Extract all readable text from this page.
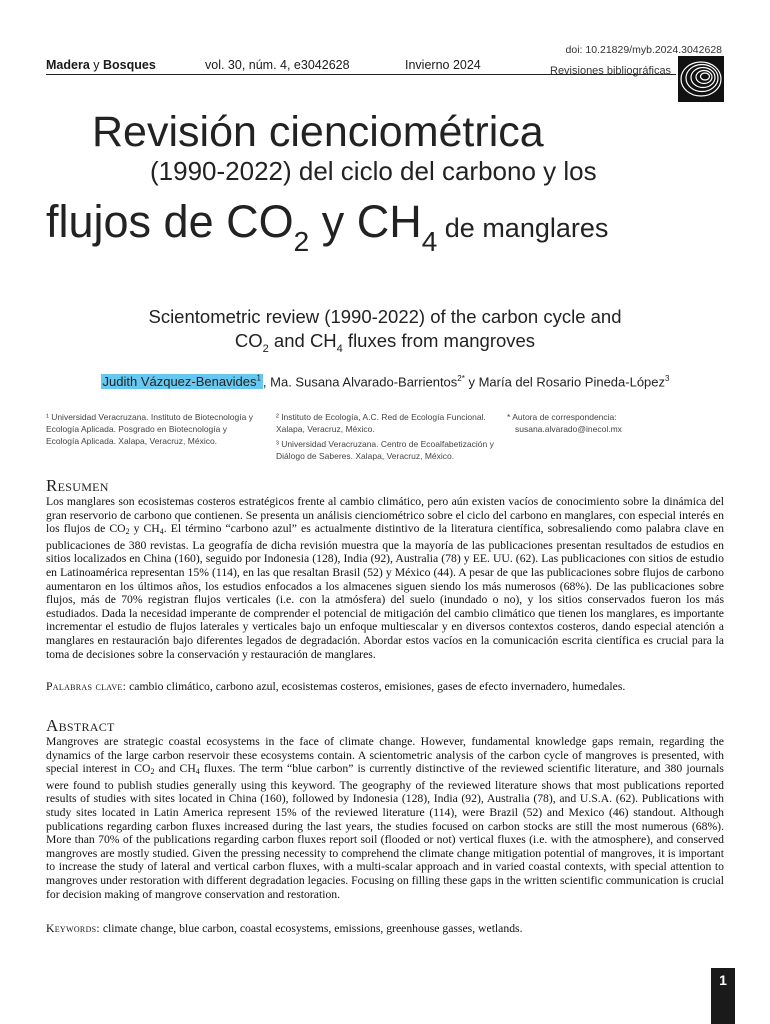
doi: 10.21829/myb.2024.3042628
Madera y Bosques	vol. 30, núm. 4, e3042628	Invierno 2024	Revisiones bibliográficas
Revisión cienciométrica
(1990-2022) del ciclo del carbono y los
flujos de $CO_2$ y $CH_4$ de manglares
Scientometric review (1990-2022) of the carbon cycle and
$CO_2$ and $CH_4$ fluxes from mangroves
Judith Vázquez-Benavides$^1$ , Ma. Susana Alvarado-Barrientos$^{2*}$ y María del Rosario Pineda-López$^3$
¹ Universidad Veracruzana. Instituto de Biotecnología y Ecología Aplicada. Posgrado en Biotecnología y Ecología Aplicada. Xalapa, Veracruz, México.
² Instituto de Ecología, A.C. Red de Ecología Funcional. Xalapa, Veracruz, México.
³ Universidad Veracruzana. Centro de Ecoalfabetización y Diálogo de Saberes. Xalapa, Veracruz, México.
* Autora de correspondencia:
susana.alvarado@inecol.mx
Resumen
Los manglares son ecosistemas costeros estratégicos frente al cambio climático, pero aún existen vacíos de conocimiento sobre la dinámica del gran reservorio de carbono que contienen. Se presenta un análisis cienciométrico sobre el ciclo del carbono en manglares, con especial interés en los flujos de $CO_2$ y $CH_4$. El término “carbono azul” es actualmente distintivo de la literatura científica, sobresaliendo como palabra clave en publicaciones de 380 revistas. La geografía de dicha revisión muestra que la mayoría de las publicaciones presentan resultados de estudios en sitios localizados en China (160), seguido por Indonesia (128), India (92), Australia (78) y EE. UU. (62). Las publicaciones con sitios de estudio en Latinoamérica representan 15% (114), en las que resaltan Brasil (52) y México (44). A pesar de que las publicaciones sobre flujos de carbono aumentaron en los últimos años, los estudios enfocados a los almacenes siguen siendo los más numerosos (68%). De las publicaciones sobre flujos, más de 70% registran flujos verticales (i.e. con la atmósfera) del suelo (inundado o no), y los sitios conservados fueron los más estudiados. Dada la necesidad imperante de comprender el potencial de mitigación del cambio climático que tienen los manglares, es importante incrementar el estudio de flujos laterales y verticales bajo un enfoque multiescalar y en diversos contextos costeros, dando especial atención a manglares en restauración bajo diferentes legados de degradación. Abordar estos vacíos en la comunicación escrita científica es crucial para la toma de decisiones sobre la conservación y restauración de manglares.
Palabras clave: cambio climático, carbono azul, ecosistemas costeros, emisiones, gases de efecto invernadero, humedales.
Abstract
Mangroves are strategic coastal ecosystems in the face of climate change. However, fundamental knowledge gaps remain, regarding the dynamics of the large carbon reservoir these ecosystems contain. A scientometric analysis of the carbon cycle of mangroves is presented, with special interest in $CO_2$ and $CH_4$ fluxes. The term “blue carbon” is currently distinctive of the reviewed scientific literature, and 380 journals were found to publish studies generally using this keyword. The geography of the reviewed literature shows that most publications reported results of studies with sites located in China (160), followed by Indonesia (128), India (92), Australia (78), and U.S.A. (62). Publications with study sites located in Latin America represent 15% of the reviewed literature (114), were Brazil (52) and Mexico (46) standout. Although publications regarding carbon fluxes increased during the last years, the studies focused on carbon stocks are still the most numerous (68%). More than 70% of the publications regarding carbon fluxes report soil (flooded or not) vertical fluxes (i.e. with the atmosphere), and conserved mangroves are mostly studied. Given the pressing necessity to comprehend the climate change mitigation potential of mangroves, it is important to increase the study of lateral and vertical carbon fluxes, with a multi-scalar approach and in varied coastal contexts, with special attention to mangroves under restoration with different degradation legacies. Focusing on filling these gaps in the written scientific communication is crucial for decision making of mangrove conservation and restoration.
Keywords: climate change, blue carbon, coastal ecosystems, emissions, greenhouse gasses, wetlands.
1
